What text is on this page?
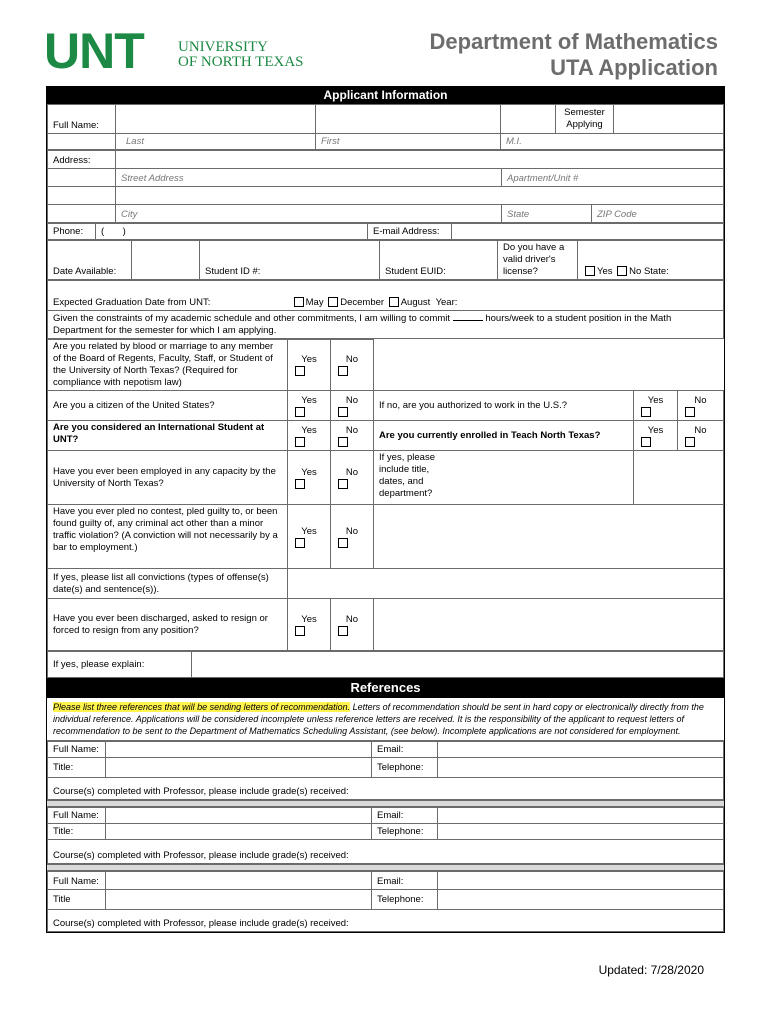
UNT UNIVERSITY
OF NORTH TEXAS
Department of Mathematics
UTA Application
Applicant Information
Full Name:				Semester Applying	
	Last	First	M.I.		
Address:			
	Street Address	Apartment/Unit #	

	City	State	ZIP Code
Phone:	( )	E-mail Address:	
Date Available:		Student ID #:	Student EUID:	Do you have a valid driver's license?	Yes No State:
Expected Graduation Date from UNT:	May December August Year:
Given the constraints of my academic schedule and other commitments, I am willing to commit	hours/week to a student position in the Math Department for the semester for which I am applying.
Are you related by blood or marriage to any member of the Board of Regents, Faculty, Staff, or Student of the University of North Texas? (Required for compliance with nepotism law)	Yes	No			

Are you a citizen of the United States?	Yes	No	If no, are you authorized to work in the U.S.?	Yes	No

Are you considered an International Student at UNT?	Yes	No	Are you currently enrolled in Teach North Texas?	Yes	No

Have you ever been employed in any capacity by the University of North Texas?	Yes	No	If yes, please include title, dates, and department?		
Have you ever pled no contest, pled guilty to, or been found guilty of, any criminal act other than a minor traffic violation? (A conviction will not necessarily by a bar to employment.)	Yes	No			

If yes, please list all convictions (types of offense(s) date(s) and sentence(s)).					
Have you ever been discharged, asked to resign or forced to resign from any position?	Yes	No			

If yes, please explain:	
References
Please list three references that will be sending letters of recommendation. Letters of recommendation should be sent in hard copy or electronically directly from the individual reference. Applications will be considered incomplete unless reference letters are received. It is the responsibility of the applicant to request letters of recommendation to be sent to the Department of Mathematics Scheduling Assistant, (see below). Incomplete applications are not considered for employment.
Full Name:		Email:	
Title:		Telephone:	
Course(s) completed with Professor, please include grade(s) received:			
Full Name:		Email:	
Title:		Telephone:	
Course(s) completed with Professor, please include grade(s) received:			
Full Name:		Email:	
Title		Telephone:	
Course(s) completed with Professor, please include grade(s) received:			
Updated: 7/28/2020
